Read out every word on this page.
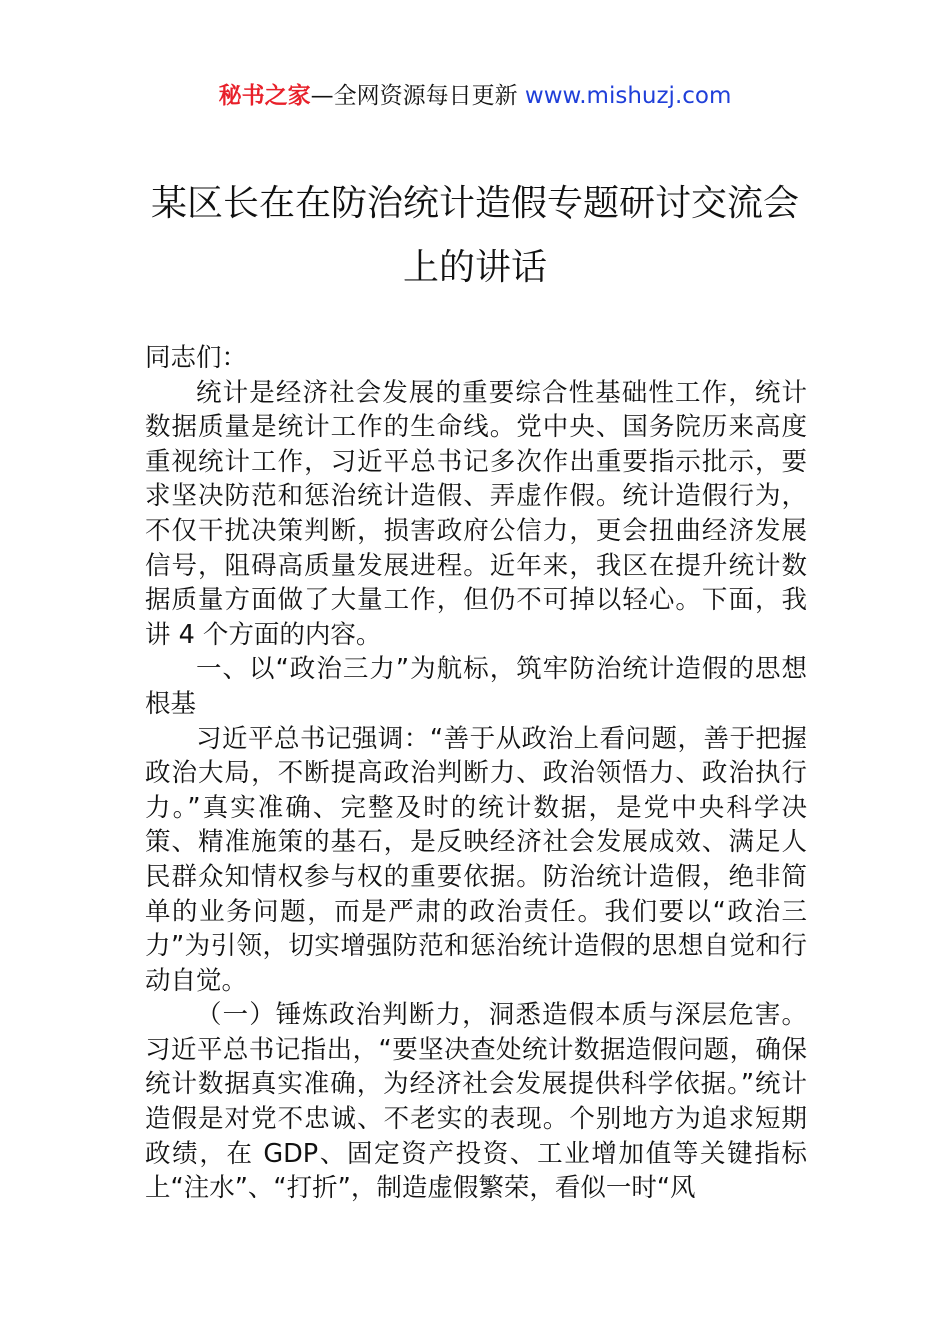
秘书之家—全网资源每日更新 www.mishuzj.com
某区长在在防治统计造假专题研讨交流会上的讲话

同志们：

统计是经济社会发展的重要综合性基础性工作，统计数据质量是统计工作的生命线。党中央、国务院历来高度重视统计工作，习近平总书记多次作出重要指示批示，要求坚决防范和惩治统计造假、弄虚作假。统计造假行为，不仅干扰决策判断，损害政府公信力，更会扭曲经济发展信号，阻碍高质量发展进程。近年来，我区在提升统计数据质量方面做了大量工作，但仍不可掉以轻心。下面，我讲 4 个方面的内容。

一、以“政治三力”为航标，筑牢防治统计造假的思想根基

习近平总书记强调：“善于从政治上看问题，善于把握政治大局，不断提高政治判断力、政治领悟力、政治执行力。”真实准确、完整及时的统计数据，是党中央科学决策、精准施策的基石，是反映经济社会发展成效、满足人民群众知情权参与权的重要依据。防治统计造假，绝非简单的业务问题，而是严肃的政治责任。我们要以“政治三力”为引领，切实增强防范和惩治统计造假的思想自觉和行动自觉。

（一）锤炼政治判断力，洞悉造假本质与深层危害。习近平总书记指出，“要坚决查处统计数据造假问题，确保统计数据真实准确，为经济社会发展提供科学依据。”统计造假是对党不忠诚、不老实的表现。个别地方为追求短期政绩，在 GDP、固定资产投资、工业增加值等关键指标上“注水”、“打折”，制造虚假繁荣，看似一时“风
